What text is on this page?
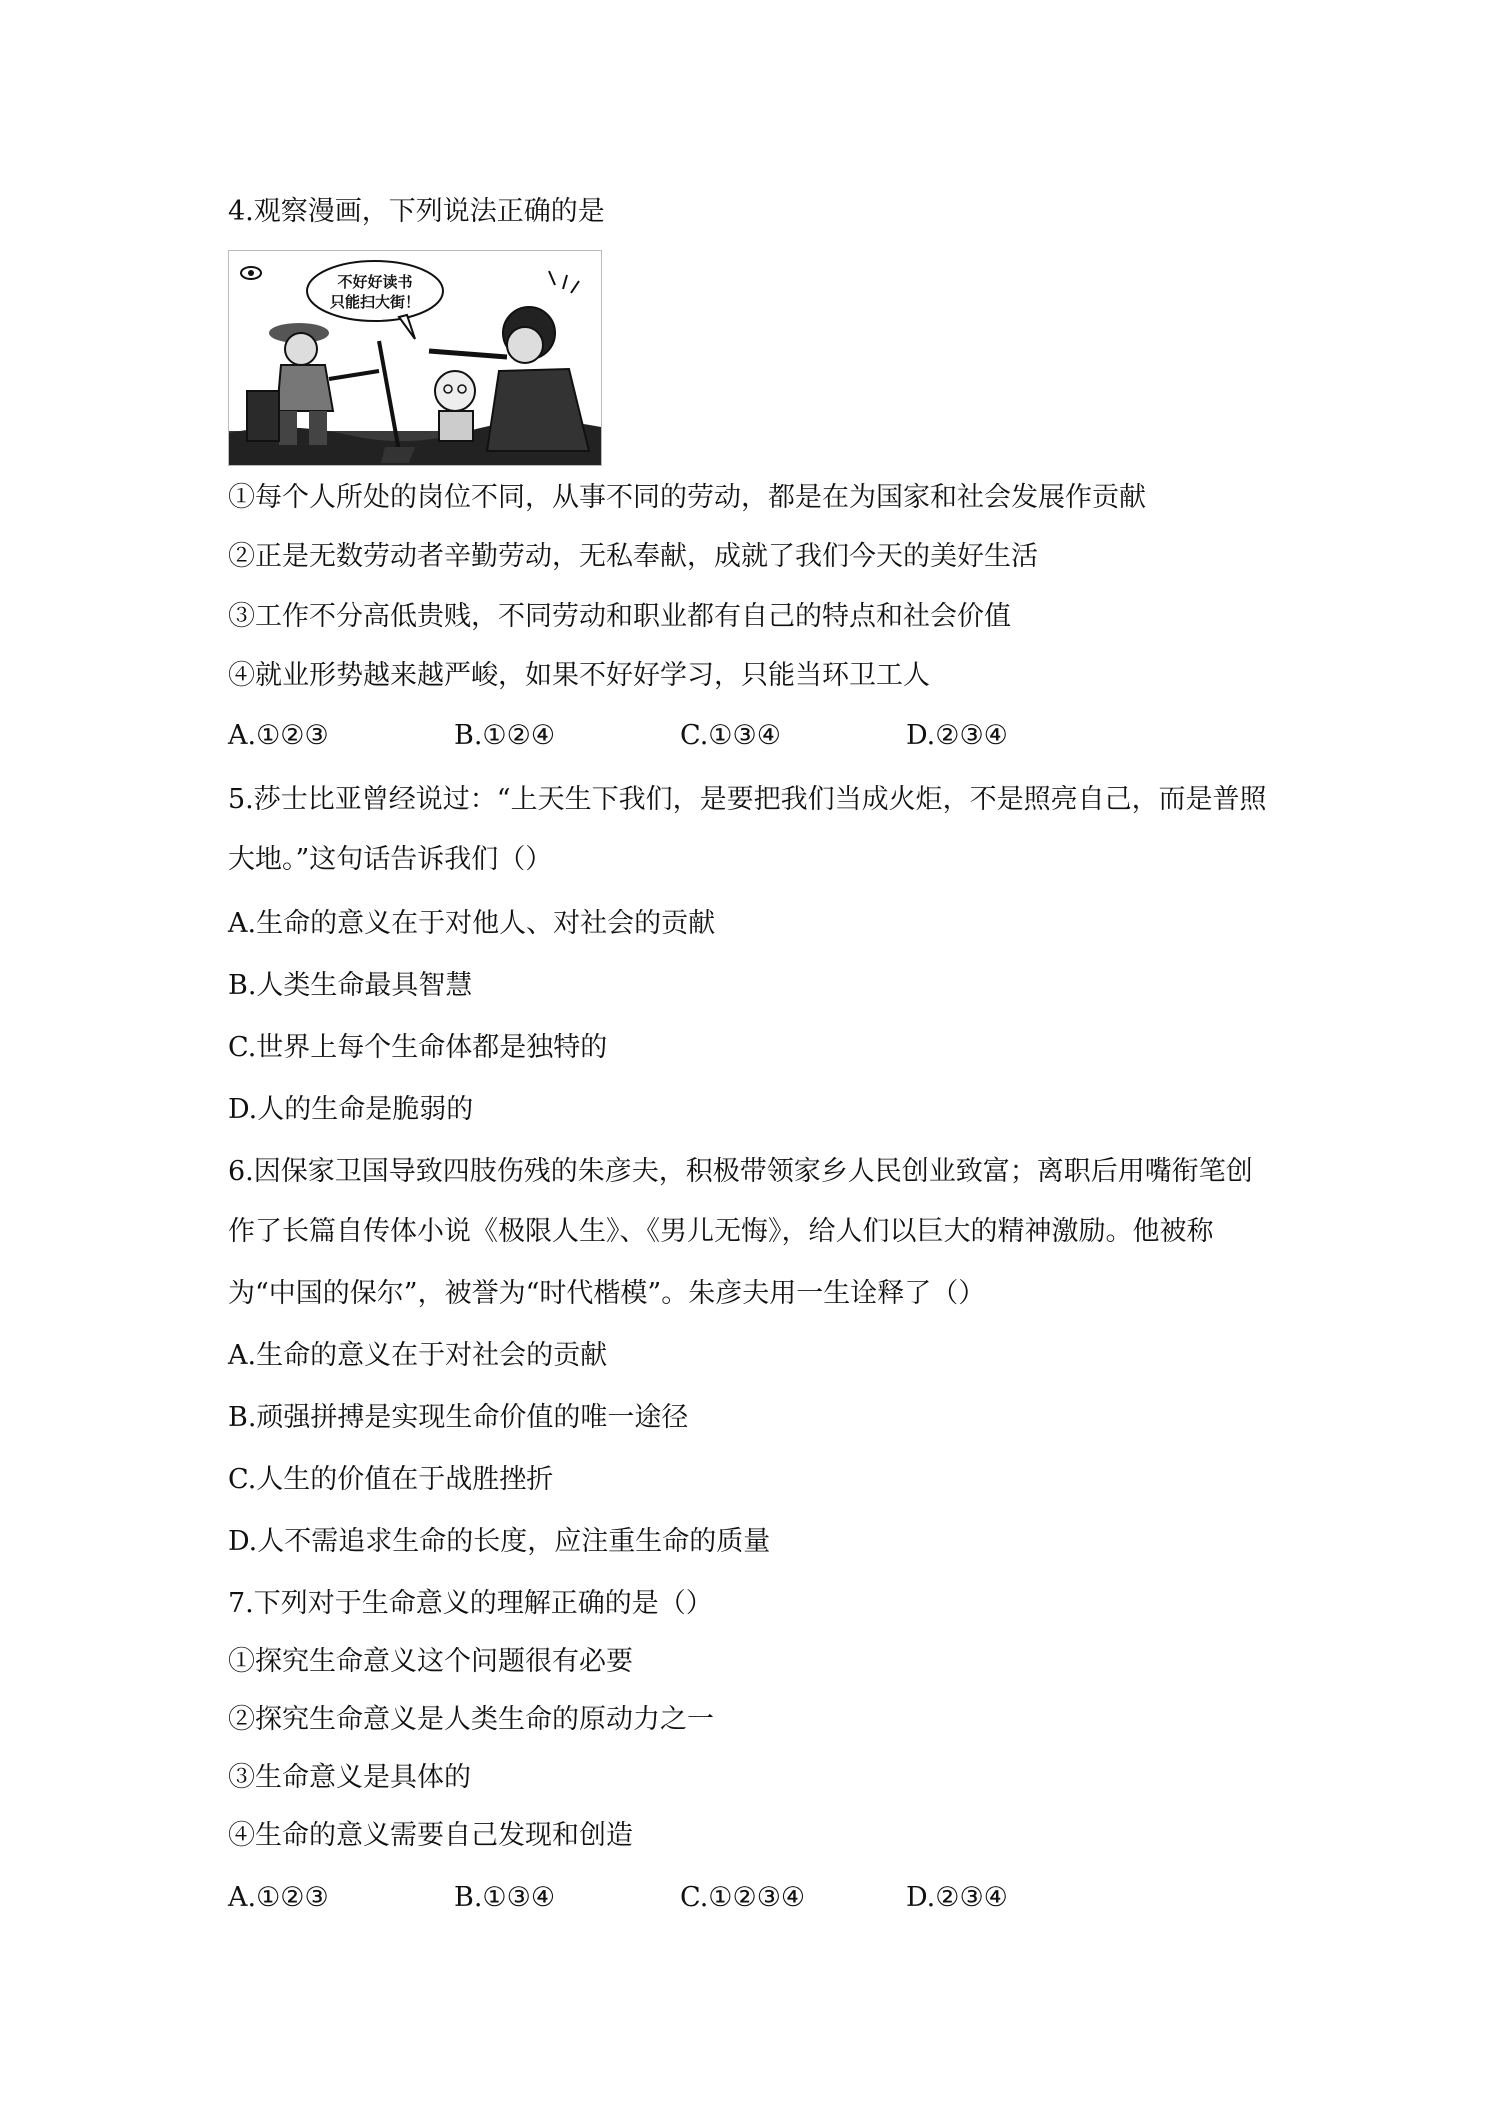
4.观察漫画，下列说法正确的是
不好好读书
只能扫大街！
①每个人所处的岗位不同，从事不同的劳动，都是在为国家和社会发展作贡献
②正是无数劳动者辛勤劳动，无私奉献，成就了我们今天的美好生活
③工作不分高低贵贱，不同劳动和职业都有自己的特点和社会价值
④就业形势越来越严峻，如果不好好学习，只能当环卫工人
A.①②③	B.①②④	C.①③④	D.②③④
5.莎士比亚曾经说过：“上天生下我们，是要把我们当成火炬，不是照亮自己，而是普照
大地。”这句话告诉我们（）
A.生命的意义在于对他人、对社会的贡献
B.人类生命最具智慧
C.世界上每个生命体都是独特的
D.人的生命是脆弱的
6.因保家卫国导致四肢伤残的朱彦夫，积极带领家乡人民创业致富；离职后用嘴衔笔创
作了长篇自传体小说《极限人生》、《男儿无悔》，给人们以巨大的精神激励。他被称
为“中国的保尔”，被誉为“时代楷模”。朱彦夫用一生诠释了（）
A.生命的意义在于对社会的贡献
B.顽强拼搏是实现生命价值的唯一途径
C.人生的价值在于战胜挫折
D.人不需追求生命的长度，应注重生命的质量
7.下列对于生命意义的理解正确的是（）
①探究生命意义这个问题很有必要
②探究生命意义是人类生命的原动力之一
③生命意义是具体的
④生命的意义需要自己发现和创造
A.①②③	B.①③④	C.①②③④	D.②③④
